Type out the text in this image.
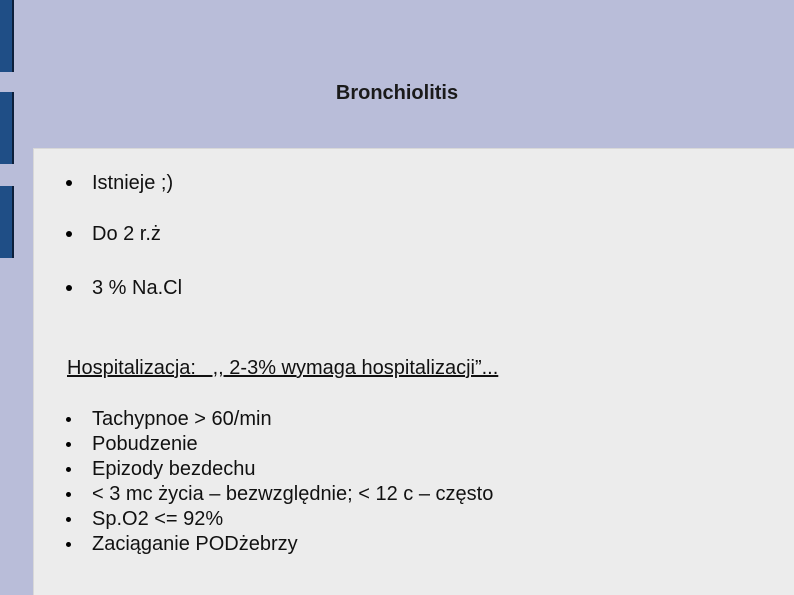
Bronchiolitis
Istnieje ;)
Do 2 r.ż
3 % Na.Cl
Hospitalizacja:   ,, 2-3% wymaga hospitalizacji”...
Tachypnoe > 60/min
Pobudzenie
Epizody bezdechu
< 3 mc życia – bezwzględnie; < 12 c – często
Sp.O2 <= 92%
Zaciąganie PODżebrzy
